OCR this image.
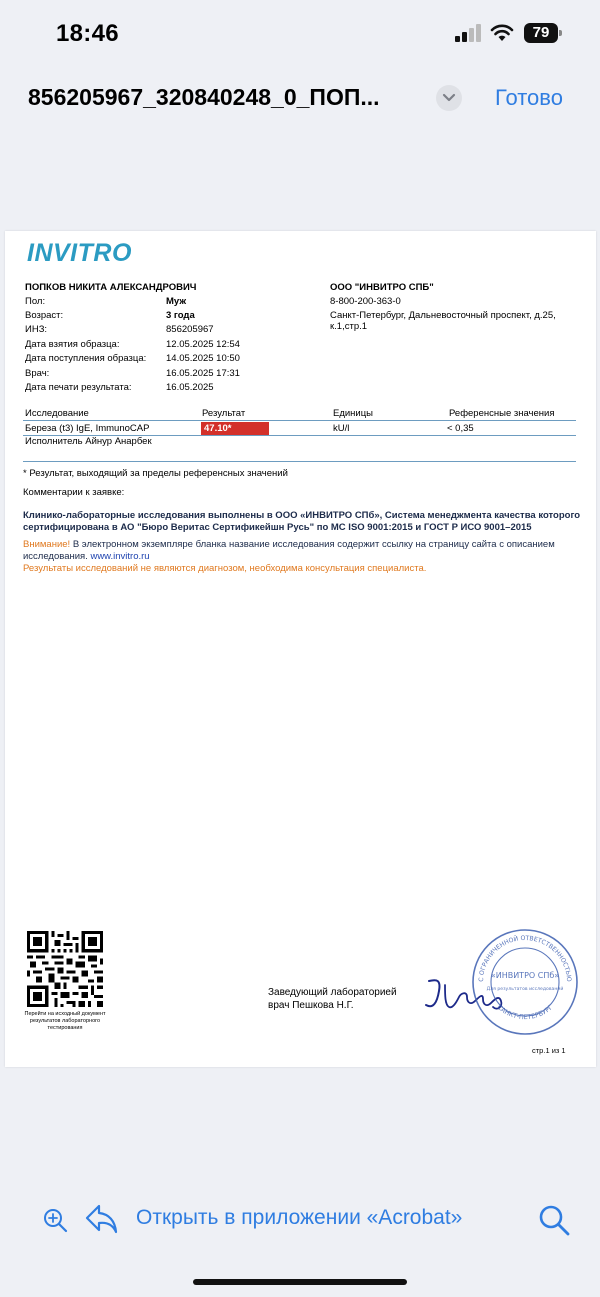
18:46	79
856205967_320840248_0_ПОП...	Готово
INVITRO
ПОПКОВ НИКИТА АЛЕКСАНДРОВИЧ
Пол:	Муж
Возраст:	3 года
ИНЗ:	856205967
Дата взятия образца:	12.05.2025 12:54
Дата поступления образца: 14.05.2025 10:50
Врач:	16.05.2025 17:31
Дата печати результата:	16.05.2025
ООО "ИНВИТРО СПБ"
8-800-200-363-0
Санкт-Петербург, Дальневосточный проспект, д.25, к.1,стр.1
Исследование	Результат	Единицы	Референсные значения
Береза (t3) IgE, ImmunoCAP	47.10*	kU/l	< 0,35
Исполнитель Айнур Анарбек
* Результат, выходящий за пределы референсных значений
Комментарии к заявке:
Клинико-лабораторные исследования выполнены в ООО «ИНВИТРО СПб», Система менеджмента качества которого сертифицирована в АО "Бюро Веритас Сертификейшн Русь" по МС ISO 9001:2015 и ГОСТ Р ИСО 9001–2015
Внимание! В электронном экземпляре бланка название исследования содержит ссылку на страницу сайта с описанием исследования. www.invitro.ru
Результаты исследований не являются диагнозом, необходима консультация специалиста.
Перейти на исходный документ результатов лабораторного тестирования
Заведующий лабораторией
врач Пешкова Н.Г.
С ОГРАНИЧЕННОЙ ОТВЕТСТВЕННОСТЬЮ
САНКТ-ПЕТЕРБУРГ
«ИНВИТРО СПб»
Для результатов исследований
стр.1 из 1
Открыть в приложении «Acrobat»
